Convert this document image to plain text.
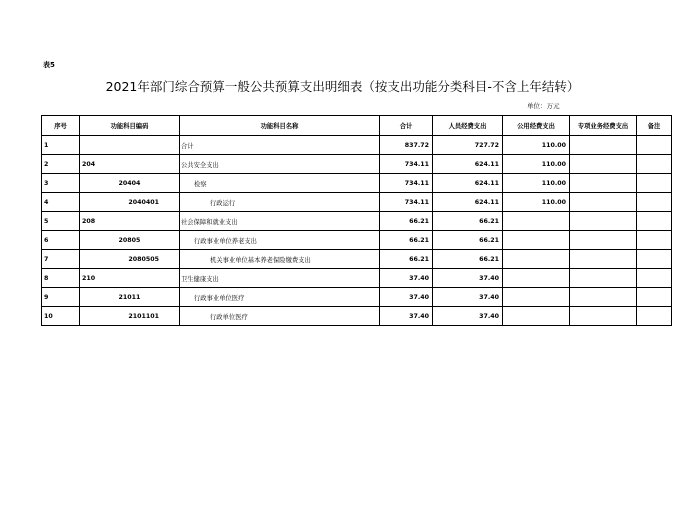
表5
2021年部门综合预算一般公共预算支出明细表（按支出功能分类科目-不含上年结转）
单位：万元
序号	功能科目编码	功能科目名称	合计	人员经费支出	公用经费支出	专项业务经费支出	备注
1		合计	837.72	727.72	110.00		
2	204	公共安全支出	734.11	624.11	110.00		
3	20404	检察	734.11	624.11	110.00		
4	2040401	行政运行	734.11	624.11	110.00		
5	208	社会保障和就业支出	66.21	66.21			
6	20805	行政事业单位养老支出	66.21	66.21			
7	2080505	机关事业单位基本养老保险缴费支出	66.21	66.21			
8	210	卫生健康支出	37.40	37.40			
9	21011	行政事业单位医疗	37.40	37.40			
10	2101101	行政单位医疗	37.40	37.40			
